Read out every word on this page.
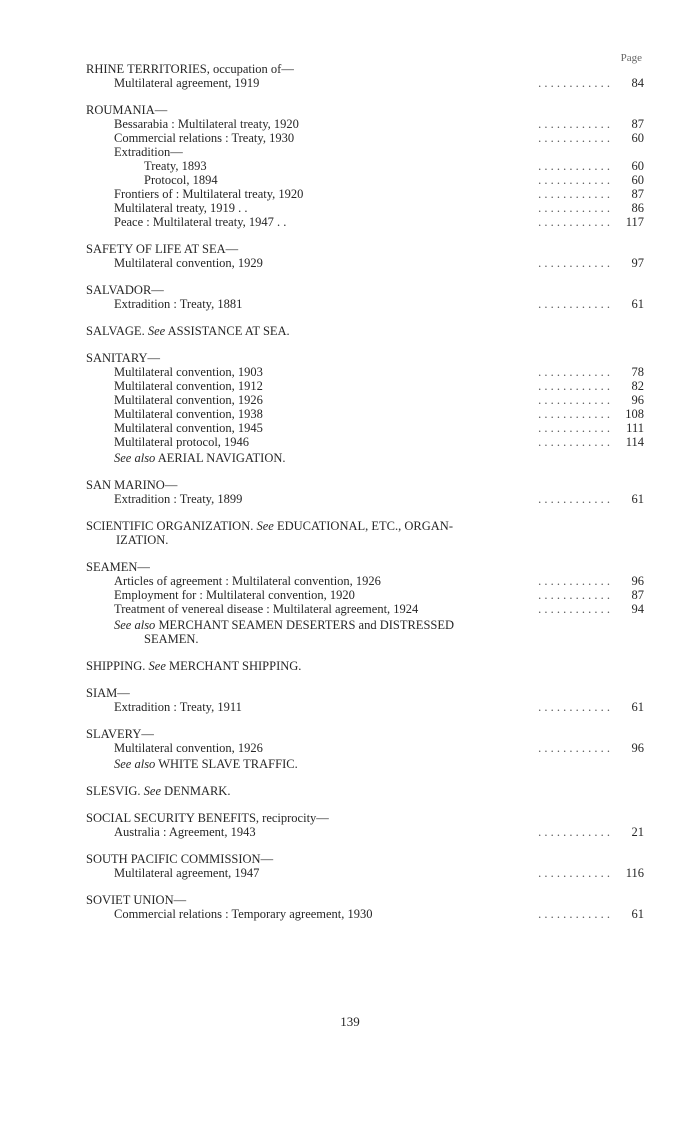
Page
RHINE TERRITORIES, occupation of—
Multilateral agreement, 1919	. . . . . . . . . . . .	84
ROUMANIA—
Bessarabia : Multilateral treaty, 1920	. . . . . . . . . . . .	87
Commercial relations : Treaty, 1930	. . . . . . . . . . . .	60
Extradition—
Treaty, 1893	. . . . . . . . . . . .	60
Protocol, 1894	. . . . . . . . . . . .	60
Frontiers of : Multilateral treaty, 1920	. . . . . . . . . . . .	87
Multilateral treaty, 1919 . .	. . . . . . . . . . . .	86
Peace : Multilateral treaty, 1947 . .	. . . . . . . . . . . .	117
SAFETY OF LIFE AT SEA—
Multilateral convention, 1929	. . . . . . . . . . . .	97
SALVADOR—
Extradition : Treaty, 1881	. . . . . . . . . . . .	61
SALVAGE. See ASSISTANCE AT SEA.
SANITARY—
Multilateral convention, 1903	. . . . . . . . . . . .	78
Multilateral convention, 1912	. . . . . . . . . . . .	82
Multilateral convention, 1926	. . . . . . . . . . . .	96
Multilateral convention, 1938	. . . . . . . . . . . .	108
Multilateral convention, 1945	. . . . . . . . . . . .	111
Multilateral protocol, 1946	. . . . . . . . . . . .	114
See also AERIAL NAVIGATION.
SAN MARINO—
Extradition : Treaty, 1899	. . . . . . . . . . . .	61
SCIENTIFIC ORGANIZATION. See EDUCATIONAL, ETC., ORGAN-
IZATION.
SEAMEN—
Articles of agreement : Multilateral convention, 1926	. . . . . . . . . . . .	96
Employment for : Multilateral convention, 1920	. . . . . . . . . . . .	87
Treatment of venereal disease : Multilateral agreement, 1924	. . . . . . . . . . . .	94
See also MERCHANT SEAMEN DESERTERS and DISTRESSED
SEAMEN.
SHIPPING. See MERCHANT SHIPPING.
SIAM—
Extradition : Treaty, 1911	. . . . . . . . . . . .	61
SLAVERY—
Multilateral convention, 1926	. . . . . . . . . . . .	96
See also WHITE SLAVE TRAFFIC.
SLESVIG. See DENMARK.
SOCIAL SECURITY BENEFITS, reciprocity—
Australia : Agreement, 1943	. . . . . . . . . . . .	21
SOUTH PACIFIC COMMISSION—
Multilateral agreement, 1947	. . . . . . . . . . . .	116
SOVIET UNION—
Commercial relations : Temporary agreement, 1930	. . . . . . . . . . . .	61
139
